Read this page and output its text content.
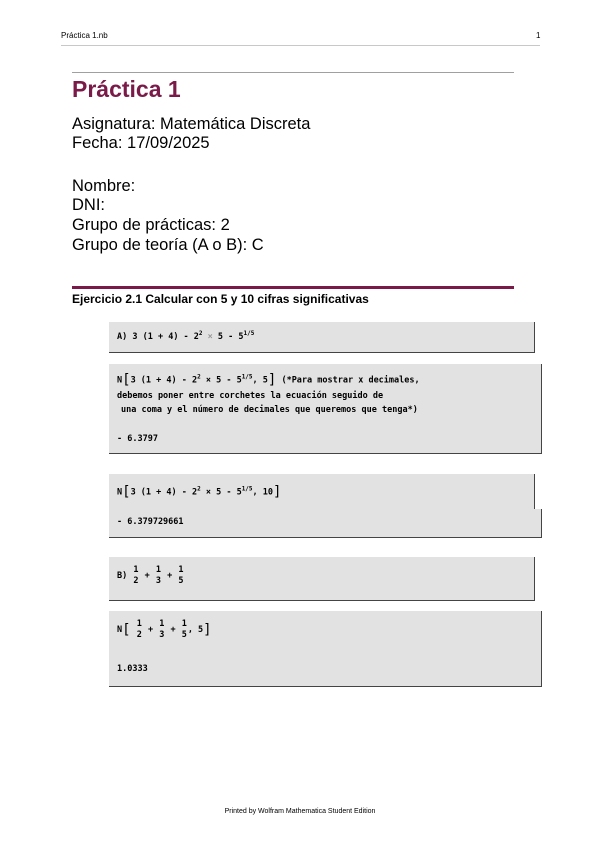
Práctica 1.nb	1
Práctica 1
Asignatura: Matemática Discreta
Fecha: 17/09/2025
Nombre:
DNI:
Grupo de prácticas: 2
Grupo de teoría (A o B): C
Ejercicio 2.1 Calcular con 5 y 10 cifras significativas
A) 3 $(1 + 4) - 2^2 \times 5 - 5^{1/5}$
N[3 $(1 + 4) - 2^2 \times 5 - 5^{1/5}$, 5] (*Para mostrar x decimales,
debemos poner entre corchetes la ecuación seguido de
una coma y el número de decimales que queremos que tenga*)
- 6.3797
N[3 $(1 + 4) - 2^2 \times 5 - 5^{1/5}$, 10]
- 6.379729661
B)
1
2 +
1
3 +
1
5
N[ 1
2 +
1
3 +
1
5 , 5]
1.0333
Printed by Wolfram Mathematica Student Edition
